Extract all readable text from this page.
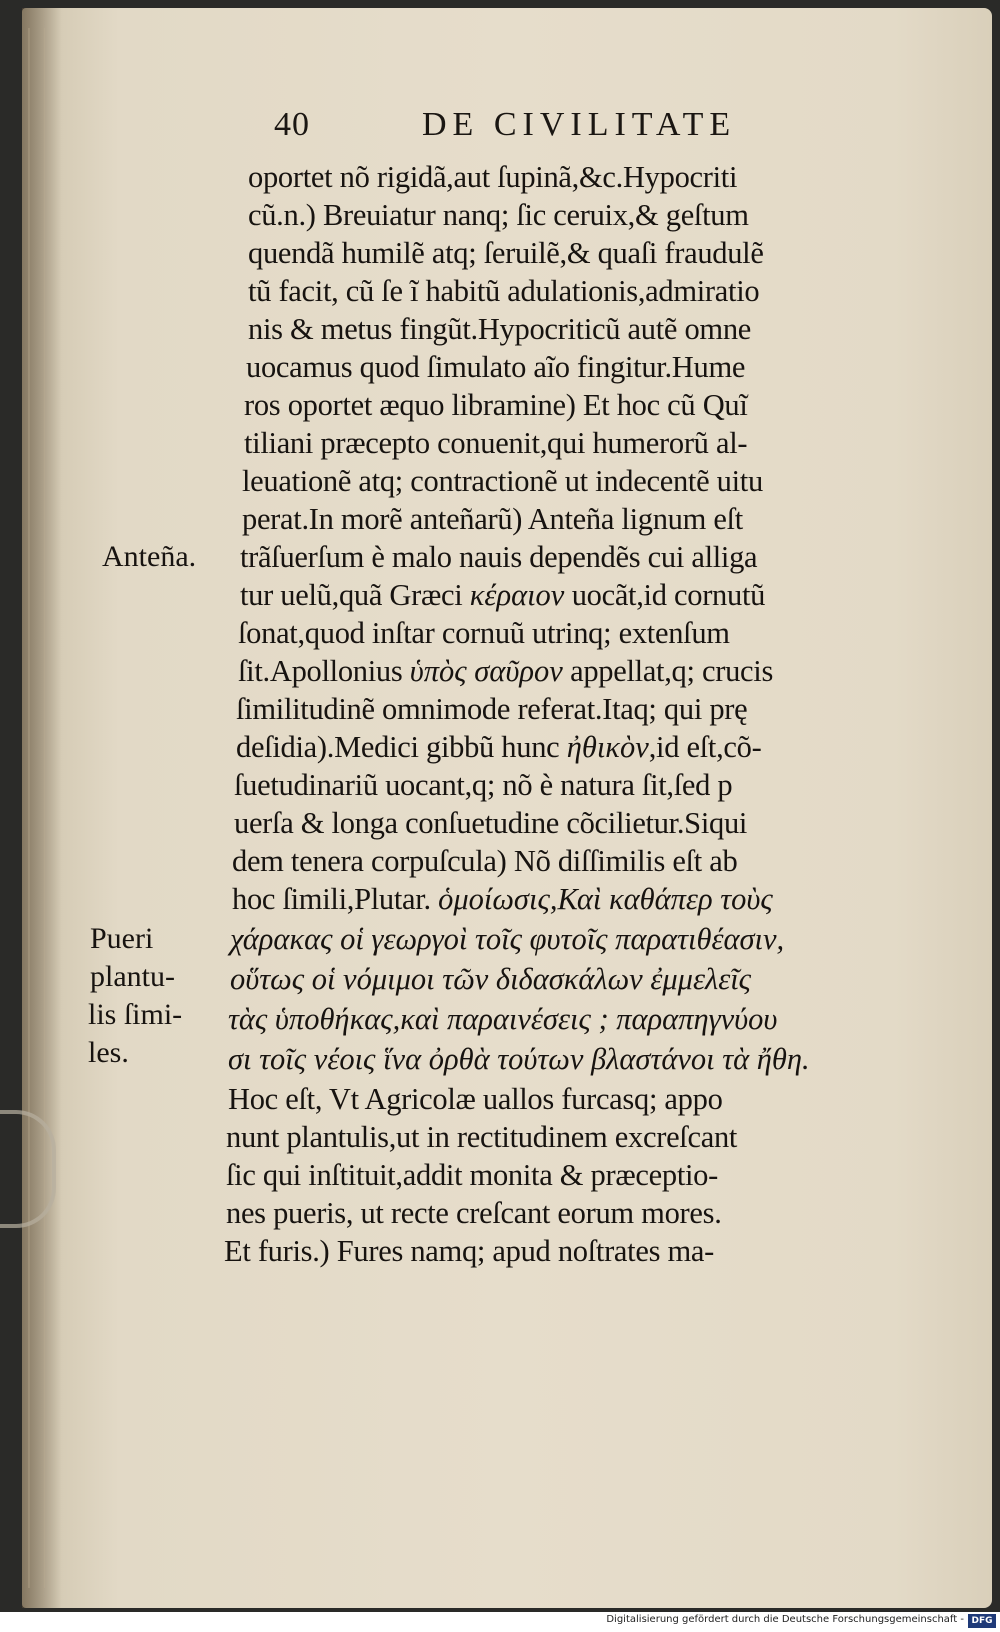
40	DE CIVILITATE
oportet nõ rigidã,aut ſupinã,&c.Hypocriti
cũ.n.) Breuiatur nanq; ſic ceruix,& geſtum
quendã humilẽ atq; ſeruilẽ,& quaſi fraudulẽ
tũ facit, cũ ſe ĩ habitũ adulationis,admiratio
nis & metus fingũt.Hypocriticũ autẽ omne
uocamus quod ſimulato aĩo fingitur.Hume
ros oportet æquo libramine) Et hoc cũ Quĩ
tiliani præcepto conuenit,qui humerorũ al-
leuationẽ atq; contractionẽ ut indecentẽ uitu
perat.In morẽ anteñarũ) Anteña lignum eſt
trãſuerſum è malo nauis dependẽs cui alliga
tur uelũ,quã Græci κέραιον uocãt,id cornutũ
ſonat,quod inſtar cornuũ utrinq; extenſum
ſit.Apollonius ὑπὸς σαῦρον appellat,q; crucis
ſimilitudinẽ omnimode referat.Itaq; qui prę
deſidia).Medici gibbũ hunc ἠθικὸν,id eſt,cõ-
ſuetudinariũ uocant,q; nõ è natura ſit,ſed p
uerſa & longa conſuetudine cõcilietur.Siqui
dem tenera corpuſcula) Nõ diſſimilis eſt ab
hoc ſimili,Plutar. ὁμοίωσις,Καὶ καθάπερ τοὺς
χάρακας οἱ γεωργοὶ τοῖς φυτοῖς παρατιθέασιν,
οὕτως οἱ νόμιμοι τῶν διδασκάλων ἐμμελεῖς
τὰς ὑποθήκας,καὶ παραινέσεις ; παραπηγνύου
σι τοῖς νέοις ἵνα ὀρθὰ τούτων βλαστάνοι τὰ ἤθη.
Hoc eſt, Vt Agricolæ uallos furcasq; appo
nunt plantulis,ut in rectitudinem excreſcant
ſic qui inſtituit,addit monita & præceptio-
nes pueris, ut recte creſcant eorum mores.
Et furis.) Fures namq; apud noſtrates ma-
Anteña.
Pueri
plantu-
lis ſimi-
les.
Digitalisierung gefördert durch die Deutsche Forschungsgemeinschaft - DFG
